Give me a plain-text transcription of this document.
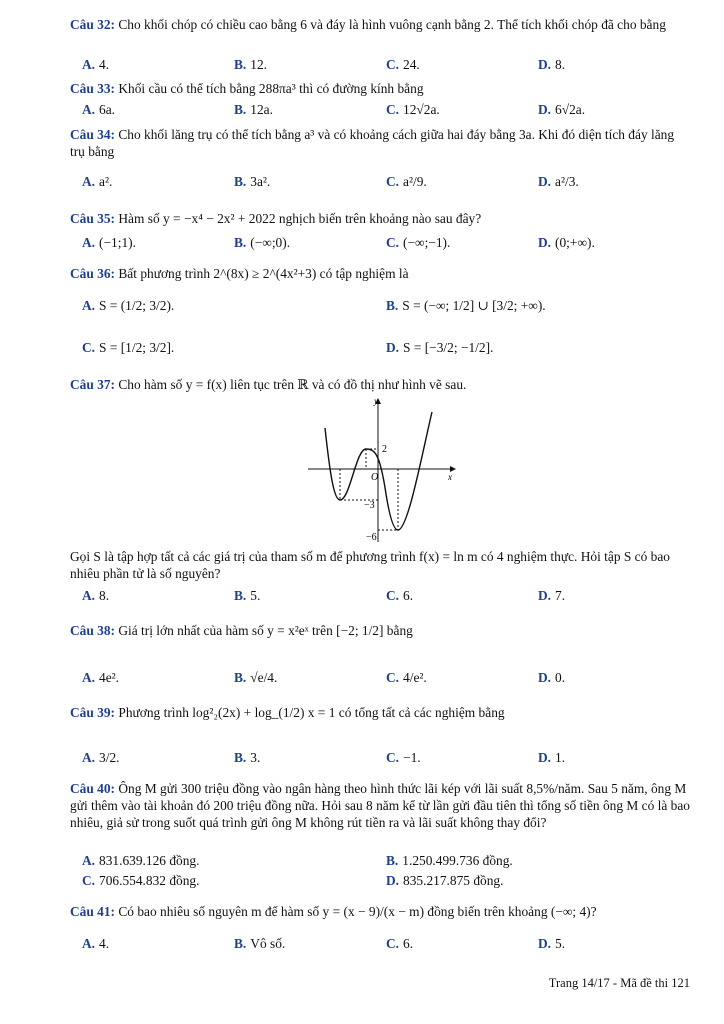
Câu 32: Cho khối chóp có chiều cao bằng 6 và đáy là hình vuông cạnh bằng 2. Thể tích khối chóp đã cho bằng
A. 4.	B. 12.	C. 24.	D. 8.
Câu 33: Khối cầu có thể tích bằng 288πa³ thì có đường kính bằng
A. 6a.	B. 12a.	C. 12√2a.	D. 6√2a.
Câu 34: Cho khối lăng trụ có thể tích bằng a³ và có khoảng cách giữa hai đáy bằng 3a. Khi đó diện tích đáy lăng trụ bằng
A. a².	B. 3a².	C. a²/9.	D. a²/3.
Câu 35: Hàm số y = −x⁴ − 2x² + 2022 nghịch biến trên khoảng nào sau đây?
A. (−1;1).	B. (−∞;0).	C. (−∞;−1).	D. (0;+∞).
Câu 36: Bất phương trình 2^(8x) ≥ 2^(4x²+3) có tập nghiệm là
A. S = (1/2; 3/2).	B. S = (−∞; 1/2] ∪ [3/2; +∞).
C. S = [1/2; 3/2].	D. S = [−3/2; −1/2].
Câu 37: Cho hàm số y = f(x) liên tục trên ℝ và có đồ thị như hình vẽ sau.
y
x
O
2
−3
−6
Gọi S là tập hợp tất cả các giá trị của tham số m để phương trình f(x) = ln m có 4 nghiệm thực. Hỏi tập S có bao nhiêu phần tử là số nguyên?
A. 8.	B. 5.	C. 6.	D. 7.
Câu 38: Giá trị lớn nhất của hàm số y = x²eˣ trên [−2; 1/2] bằng
A. 4e².	B. √e/4.	C. 4/e².	D. 0.
Câu 39: Phương trình log²₂(2x) + log_(1/2) x = 1 có tổng tất cả các nghiệm bằng
A. 3/2.	B. 3.	C. −1.	D. 1.
Câu 40: Ông M gửi 300 triệu đồng vào ngân hàng theo hình thức lãi kép với lãi suất 8,5%/năm. Sau 5 năm, ông M gửi thêm vào tài khoản đó 200 triệu đồng nữa. Hỏi sau 8 năm kể từ lần gửi đầu tiên thì tổng số tiền ông M có là bao nhiêu, giả sử trong suốt quá trình gửi ông M không rút tiền ra và lãi suất không thay đổi?
A. 831.639.126 đồng.	B. 1.250.499.736 đồng.
C. 706.554.832 đồng.	D. 835.217.875 đồng.
Câu 41: Có bao nhiêu số nguyên m để hàm số y = (x − 9)/(x − m) đồng biến trên khoảng (−∞; 4)?
A. 4.	B. Vô số.	C. 6.	D. 5.
Trang 14/17 - Mã đề thi 121
